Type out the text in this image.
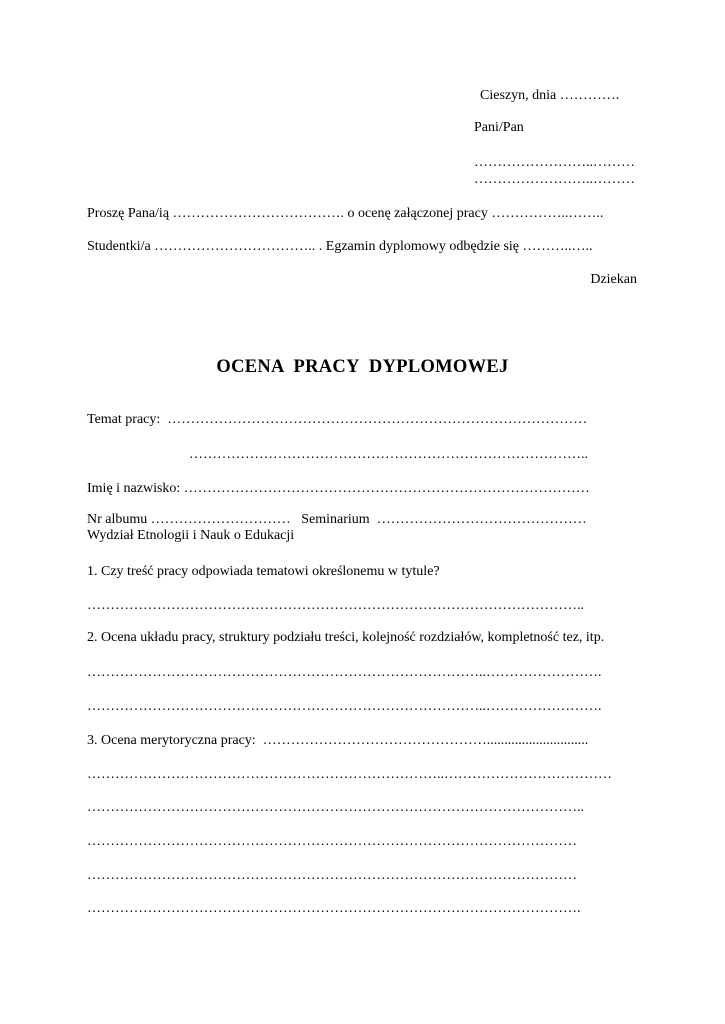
Cieszyn, dnia ………….
Pani/Pan
……………………..………
……………………..………
Proszę Pana/ią ………………………………. o ocenę załączonej pracy ……………..……..
Studentki/a …………………………….. . Egzamin dyplomowy odbędzie się ………..…..
Dziekan
OCENA  PRACY  DYPLOMOWEJ
Temat pracy:  ………………………………………………………………………………
…………………………………………………………………………..
Imię i nazwisko: ……………………………………………………………………………
Nr albumu …………………………   Seminarium  ………………………………………
Wydział Etnologii i Nauk o Edukacji
1. Czy treść pracy odpowiada tematowi określonemu w tytule?
……………………………………………………………………………………………..
2. Ocena układu pracy, struktury podziału treści, kolejność rozdziałów, kompletność tez, itp.
…………………………………………………………………………..…………………….
…………………………………………………………………………..…………………….
3. Ocena merytoryczna pracy:  ………………………………………….............................
…………………………………………………………………..………………………………
……………………………………………………………………………………………..
……………………………………………………………………………………………
……………………………………………………………………………………………
…………………………………………………………………………………………….
